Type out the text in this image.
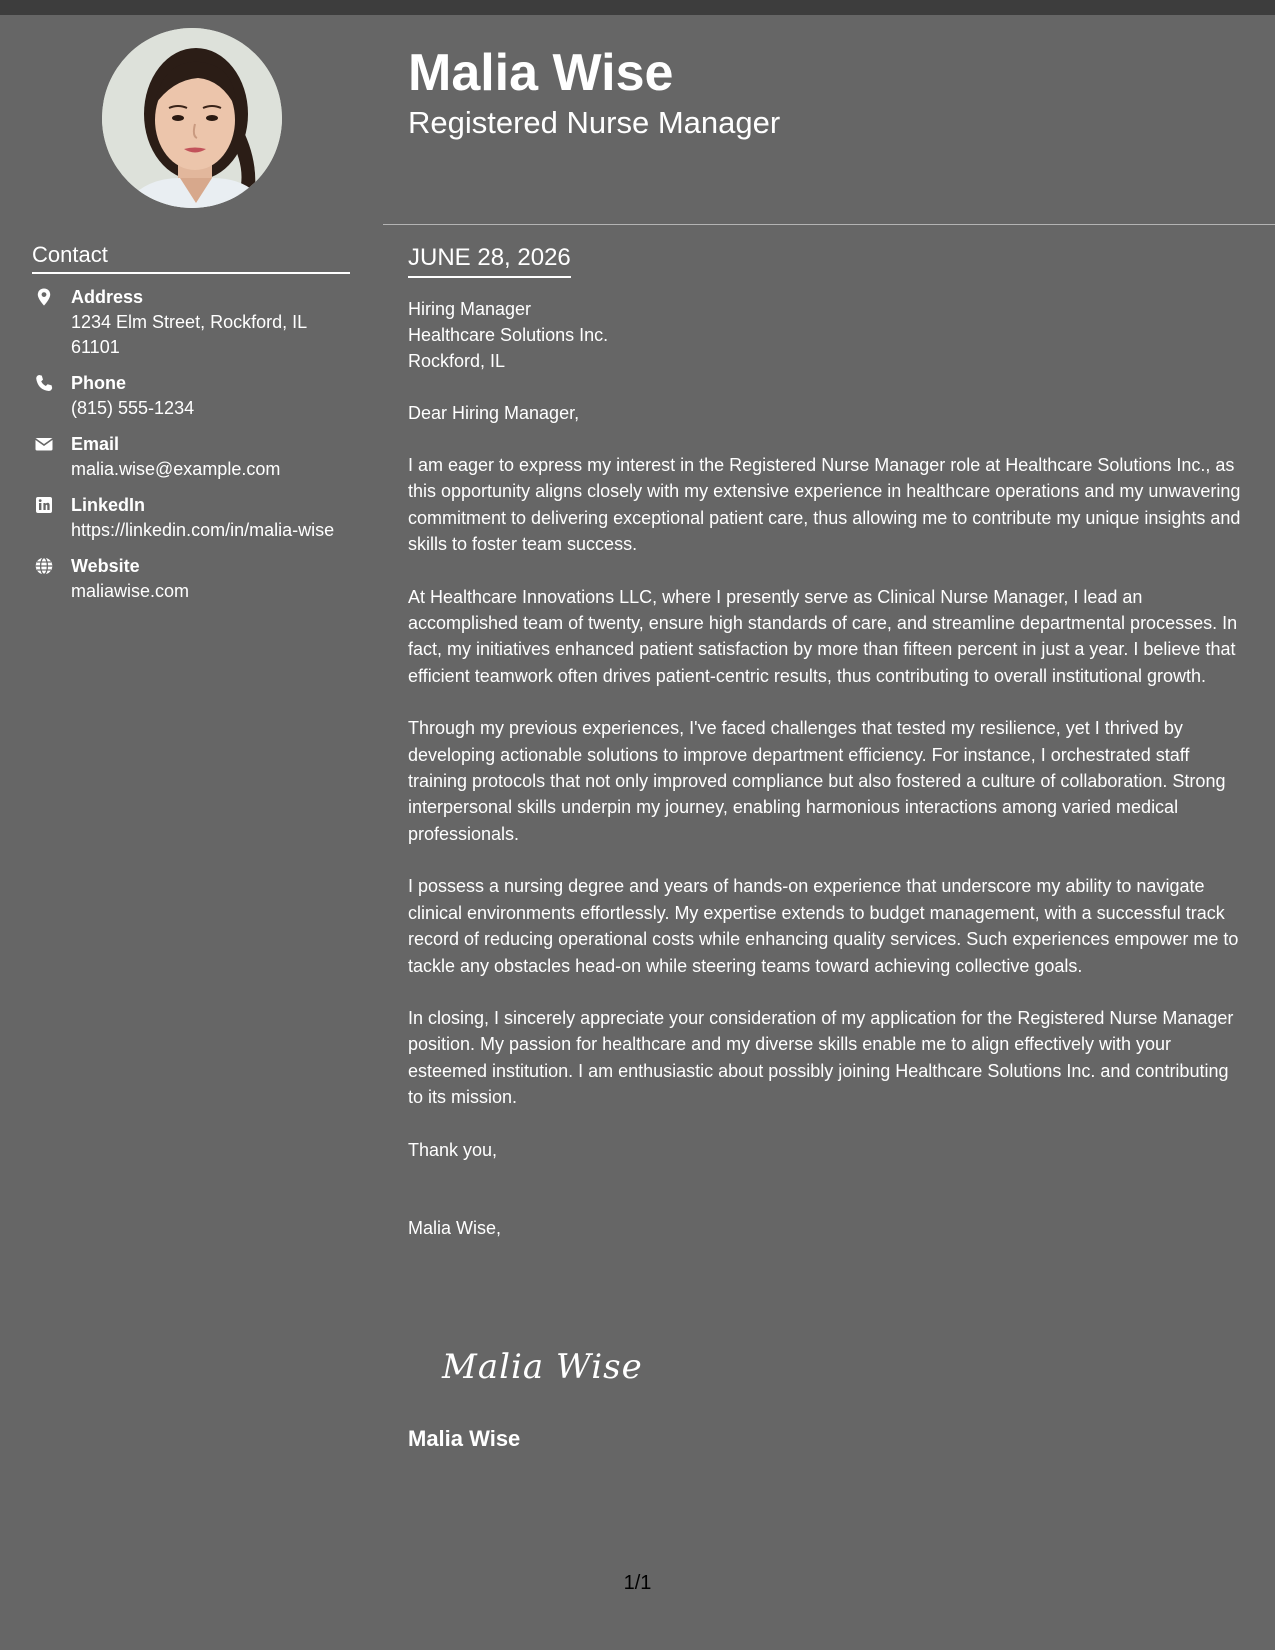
Contact
Address
1234 Elm Street, Rockford, IL 61101
Phone
(815) 555-1234
Email
malia.wise@example.com
LinkedIn
https://linkedin.com/in/malia-wise
Website
maliawise.com
Malia Wise
Registered Nurse Manager
JUNE 28, 2026
Hiring Manager
Healthcare Solutions Inc.
Rockford, IL
Dear Hiring Manager,
I am eager to express my interest in the Registered Nurse Manager role at Healthcare Solutions Inc., as this opportunity aligns closely with my extensive experience in healthcare operations and my unwavering commitment to delivering exceptional patient care, thus allowing me to contribute my unique insights and skills to foster team success.
At Healthcare Innovations LLC, where I presently serve as Clinical Nurse Manager, I lead an accomplished team of twenty, ensure high standards of care, and streamline departmental processes. In fact, my initiatives enhanced patient satisfaction by more than fifteen percent in just a year. I believe that efficient teamwork often drives patient-centric results, thus contributing to overall institutional growth.
Through my previous experiences, I've faced challenges that tested my resilience, yet I thrived by developing actionable solutions to improve department efficiency. For instance, I orchestrated staff training protocols that not only improved compliance but also fostered a culture of collaboration. Strong interpersonal skills underpin my journey, enabling harmonious interactions among varied medical professionals.
I possess a nursing degree and years of hands-on experience that underscore my ability to navigate clinical environments effortlessly. My expertise extends to budget management, with a successful track record of reducing operational costs while enhancing quality services. Such experiences empower me to tackle any obstacles head-on while steering teams toward achieving collective goals.
In closing, I sincerely appreciate your consideration of my application for the Registered Nurse Manager position. My passion for healthcare and my diverse skills enable me to align effectively with your esteemed institution. I am enthusiastic about possibly joining Healthcare Solutions Inc. and contributing to its mission.
Thank you,
Malia Wise,
Malia Wise
Malia Wise
1/1
